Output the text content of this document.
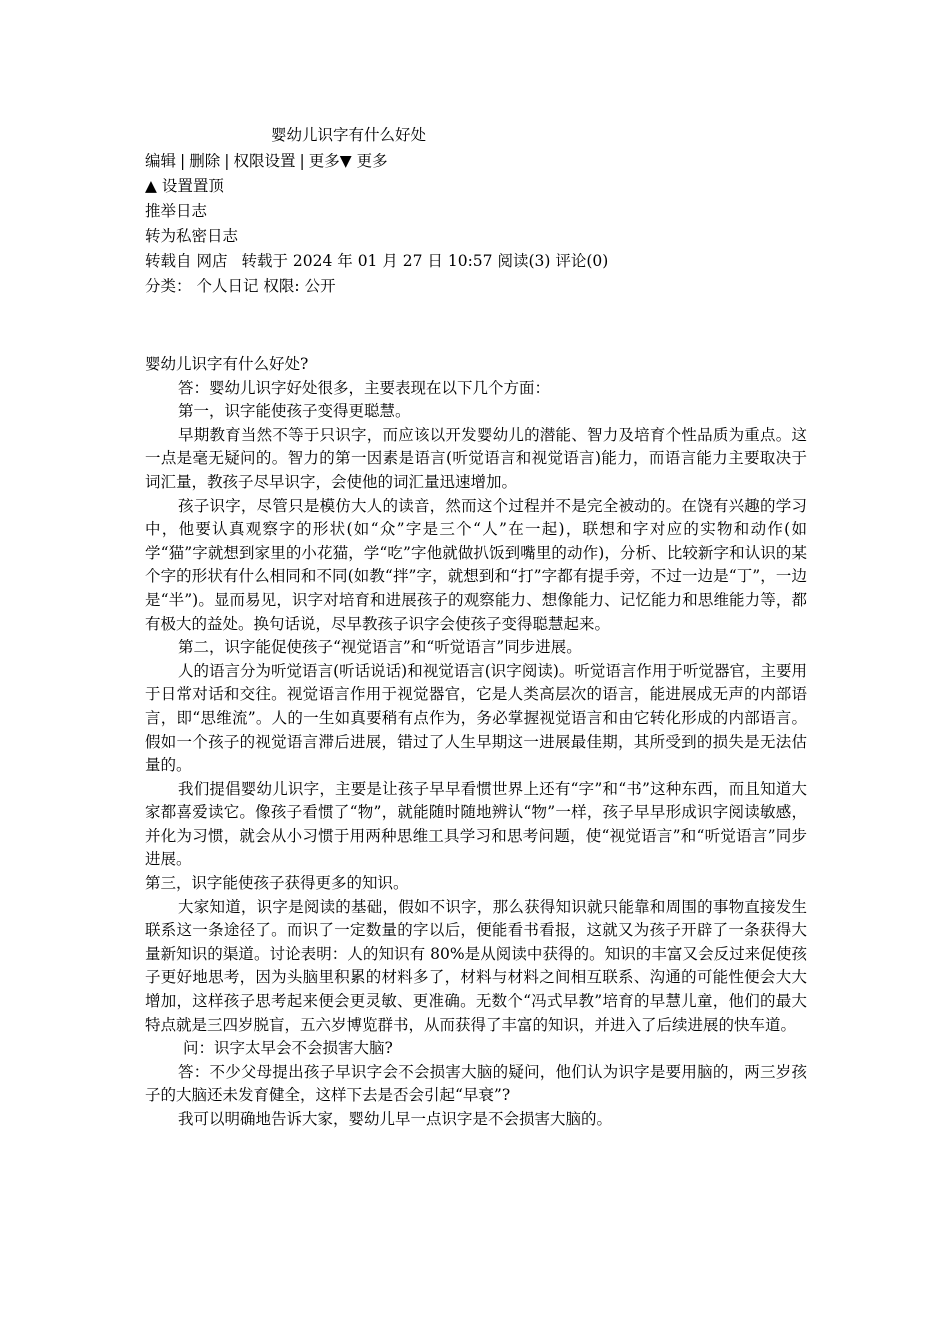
婴幼儿识字有什么好处
编辑 | 删除 | 权限设置 | 更多▼ 更多
▲ 设置置顶
推举日志
转为私密日志
转载自 网店 转载于 2024 年 01 月 27 日 10:57 阅读(3) 评论(0)
分类： 个人日记 权限: 公开

婴幼儿识字有什么好处?

答：婴幼儿识字好处很多，主要表现在以下几个方面：

第一，识字能使孩子变得更聪慧。

早期教育当然不等于只识字，而应该以开发婴幼儿的潜能、智力及培育个性品质为重点。这一点是毫无疑问的。智力的第一因素是语言(听觉语言和视觉语言)能力，而语言能力主要取决于词汇量，教孩子尽早识字，会使他的词汇量迅速增加。

孩子识字，尽管只是模仿大人的读音，然而这个过程并不是完全被动的。在饶有兴趣的学习中，他要认真观察字的形状(如“众”字是三个“人”在一起)，联想和字对应的实物和动作(如学“猫”字就想到家里的小花猫，学“吃”字他就做扒饭到嘴里的动作)，分析、比较新字和认识的某个字的形状有什么相同和不同(如教“拌”字，就想到和“打”字都有提手旁，不过一边是“丁”，一边是“半”)。显而易见，识字对培育和进展孩子的观察能力、想像能力、记忆能力和思维能力等，都有极大的益处。换句话说，尽早教孩子识字会使孩子变得聪慧起来。

第二，识字能促使孩子“视觉语言”和“听觉语言”同步进展。

人的语言分为听觉语言(听话说话)和视觉语言(识字阅读)。听觉语言作用于听觉器官，主要用于日常对话和交往。视觉语言作用于视觉器官，它是人类高层次的语言，能进展成无声的内部语言，即“思维流”。人的一生如真要稍有点作为，务必掌握视觉语言和由它转化形成的内部语言。假如一个孩子的视觉语言滞后进展，错过了人生早期这一进展最佳期，其所受到的损失是无法估量的。

我们提倡婴幼儿识字，主要是让孩子早早看惯世界上还有“字”和“书”这种东西，而且知道大家都喜爱读它。像孩子看惯了“物”，就能随时随地辨认“物”一样，孩子早早形成识字阅读敏感，并化为习惯，就会从小习惯于用两种思维工具学习和思考问题，使“视觉语言”和“听觉语言”同步进展。

第三，识字能使孩子获得更多的知识。

大家知道，识字是阅读的基础，假如不识字，那么获得知识就只能靠和周围的事物直接发生联系这一条途径了。而识了一定数量的字以后，便能看书看报，这就又为孩子开辟了一条获得大量新知识的渠道。讨论表明：人的知识有 80%是从阅读中获得的。知识的丰富又会反过来促使孩子更好地思考，因为头脑里积累的材料多了，材料与材料之间相互联系、沟通的可能性便会大大增加，这样孩子思考起来便会更灵敏、更准确。无数个“冯式早教”培育的早慧儿童，他们的最大特点就是三四岁脱盲，五六岁博览群书，从而获得了丰富的知识，并进入了后续进展的快车道。

问：识字太早会不会损害大脑?

答：不少父母提出孩子早识字会不会损害大脑的疑问，他们认为识字是要用脑的，两三岁孩子的大脑还未发育健全，这样下去是否会引起“早衰”?

我可以明确地告诉大家，婴幼儿早一点识字是不会损害大脑的。
